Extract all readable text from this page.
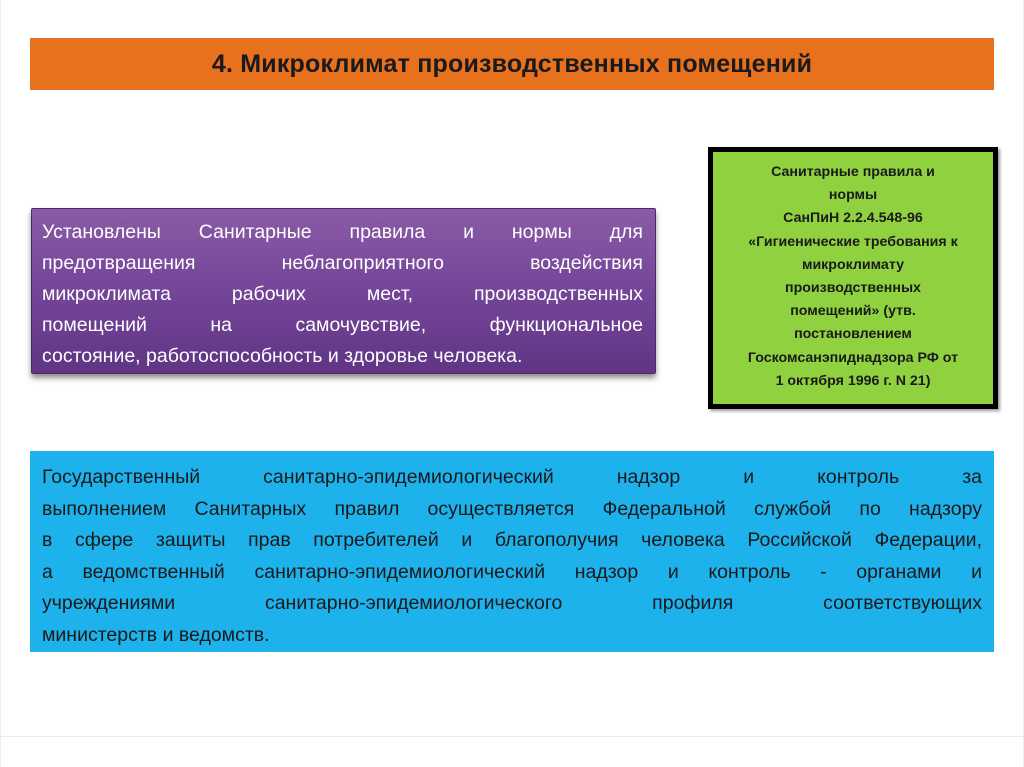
4. Микроклимат производственных помещений
Установлены Санитарные правила и нормы для
предотвращения неблагоприятного воздействия
микроклимата рабочих мест, производственных
помещений на самочувствие, функциональное
состояние, работоспособность и здоровье человека.
Санитарные правила и
нормы
СанПиН 2.2.4.548-96
«Гигиенические требования к
микроклимату
производственных
помещений» (утв.
постановлением
Госкомсанэпиднадзора РФ от
1 октября 1996 г. N 21)
Государственный санитарно-эпидемиологический надзор и контроль за
выполнением Санитарных правил осуществляется Федеральной службой по надзору
в сфере защиты прав потребителей и благополучия человека Российской Федерации,
а ведомственный санитарно-эпидемиологический надзор и контроль - органами и
учреждениями санитарно-эпидемиологического профиля соответствующих
министерств и ведомств.
